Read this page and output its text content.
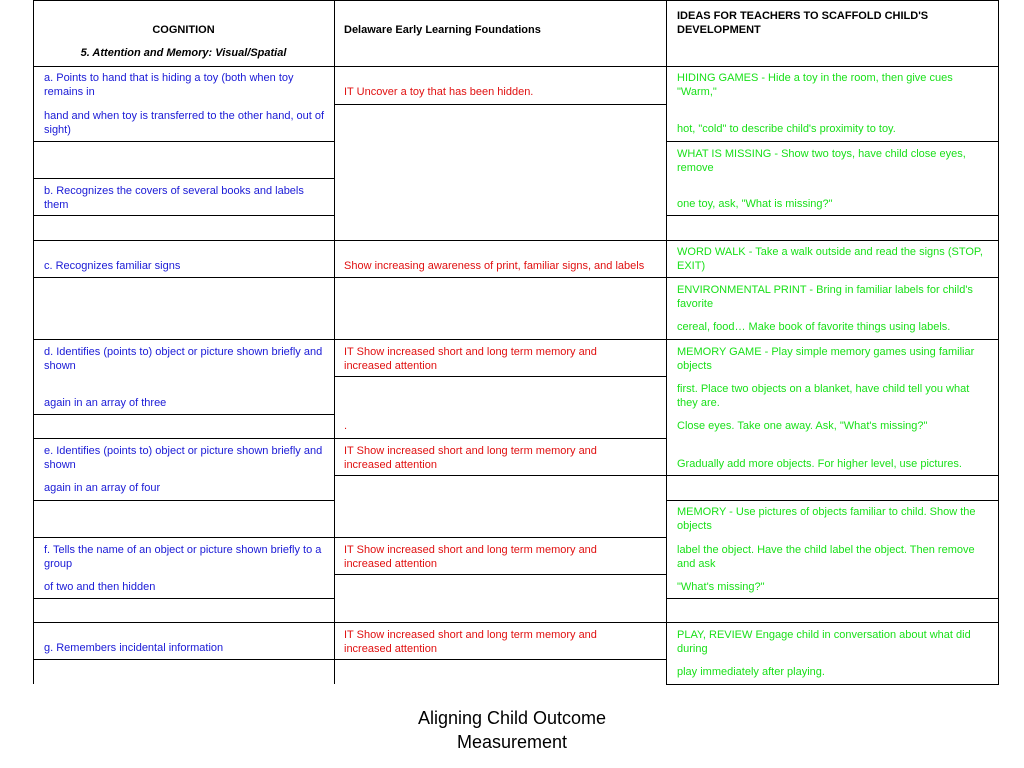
COGNITION

5. Attention and Memory: Visual/Spatial

Delaware Early Learning Foundations

IDEAS FOR TEACHERS TO SCAFFOLD CHILD'S DEVELOPMENT

a. Points to hand that is hiding a toy (both when toy remains in

hand and when toy is transferred to the other hand, out of sight)

b. Recognizes the covers of several books and labels them

c. Recognizes familiar signs

d. Identifies (points to) object or picture shown briefly and shown

again in an array of three

e. Identifies (points to) object or picture shown briefly and shown

again in an array of four

f. Tells the name of an object or picture shown briefly to a group

of two and then hidden

g. Remembers incidental information

IT Uncover a toy that has been hidden.

Show increasing awareness of print, familiar signs, and labels

IT Show increased short and long term memory and increased attention

.

IT Show increased short and long term memory and increased attention

IT Show increased short and long term memory and increased attention

IT Show increased short and long term memory and increased attention

HIDING GAMES - Hide a toy in the room, then give cues "Warm,"

hot, "cold" to describe child's proximity to toy.

WHAT IS MISSING - Show two toys, have child close eyes, remove

one toy, ask, "What is missing?"

WORD WALK - Take a walk outside and read the signs (STOP, EXIT)

ENVIRONMENTAL PRINT - Bring in familiar labels for child's favorite

cereal, food… Make book of favorite things using labels.

MEMORY GAME - Play simple memory games using familiar objects

first. Place two objects on a blanket, have child tell you what they are.

Close eyes. Take one away. Ask, "What's missing?"

Gradually add more objects. For higher level, use pictures.

MEMORY - Use pictures of objects familiar to child. Show the objects

label the object. Have the child label the object. Then remove and ask

"What's missing?"

PLAY, REVIEW Engage child in conversation about what did during

play immediately after playing.

Aligning Child Outcome Measurement
